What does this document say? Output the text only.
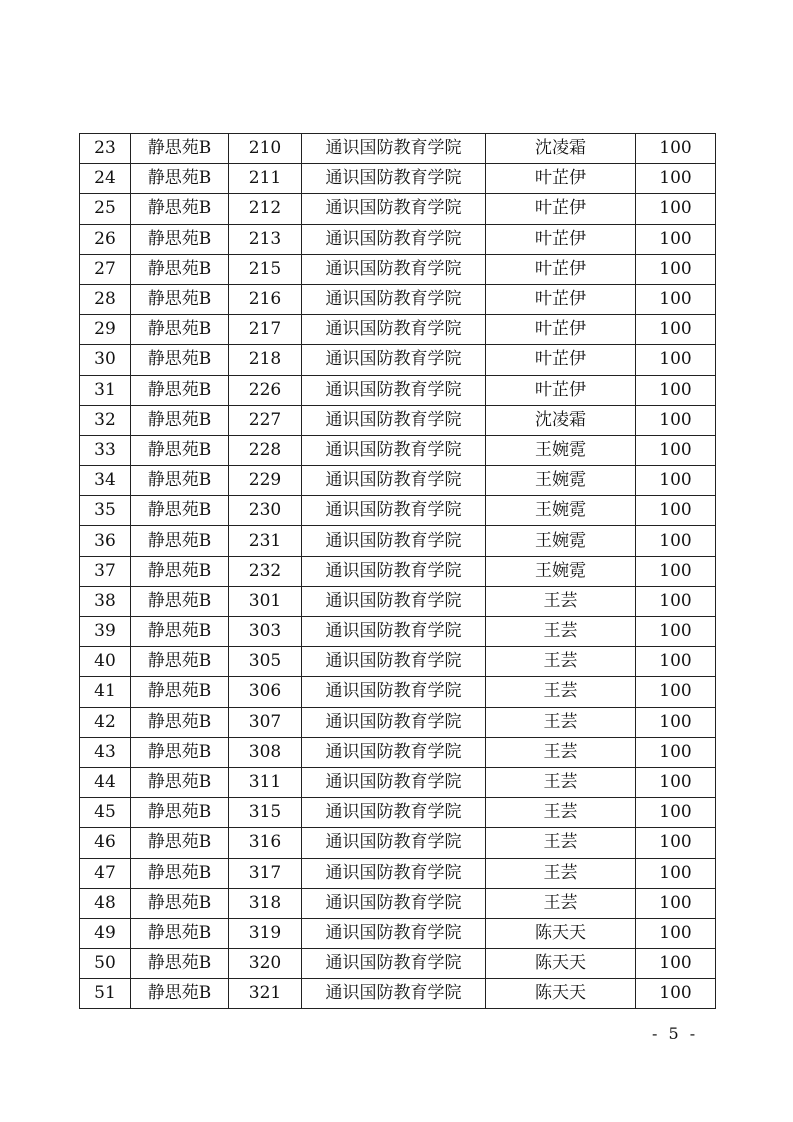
23	静思苑B	210	通识国防教育学院	沈凌霜	100
24	静思苑B	211	通识国防教育学院	叶芷伊	100
25	静思苑B	212	通识国防教育学院	叶芷伊	100
26	静思苑B	213	通识国防教育学院	叶芷伊	100
27	静思苑B	215	通识国防教育学院	叶芷伊	100
28	静思苑B	216	通识国防教育学院	叶芷伊	100
29	静思苑B	217	通识国防教育学院	叶芷伊	100
30	静思苑B	218	通识国防教育学院	叶芷伊	100
31	静思苑B	226	通识国防教育学院	叶芷伊	100
32	静思苑B	227	通识国防教育学院	沈凌霜	100
33	静思苑B	228	通识国防教育学院	王婉霓	100
34	静思苑B	229	通识国防教育学院	王婉霓	100
35	静思苑B	230	通识国防教育学院	王婉霓	100
36	静思苑B	231	通识国防教育学院	王婉霓	100
37	静思苑B	232	通识国防教育学院	王婉霓	100
38	静思苑B	301	通识国防教育学院	王芸	100
39	静思苑B	303	通识国防教育学院	王芸	100
40	静思苑B	305	通识国防教育学院	王芸	100
41	静思苑B	306	通识国防教育学院	王芸	100
42	静思苑B	307	通识国防教育学院	王芸	100
43	静思苑B	308	通识国防教育学院	王芸	100
44	静思苑B	311	通识国防教育学院	王芸	100
45	静思苑B	315	通识国防教育学院	王芸	100
46	静思苑B	316	通识国防教育学院	王芸	100
47	静思苑B	317	通识国防教育学院	王芸	100
48	静思苑B	318	通识国防教育学院	王芸	100
49	静思苑B	319	通识国防教育学院	陈天天	100
50	静思苑B	320	通识国防教育学院	陈天天	100
51	静思苑B	321	通识国防教育学院	陈天天	100
- 5 -
